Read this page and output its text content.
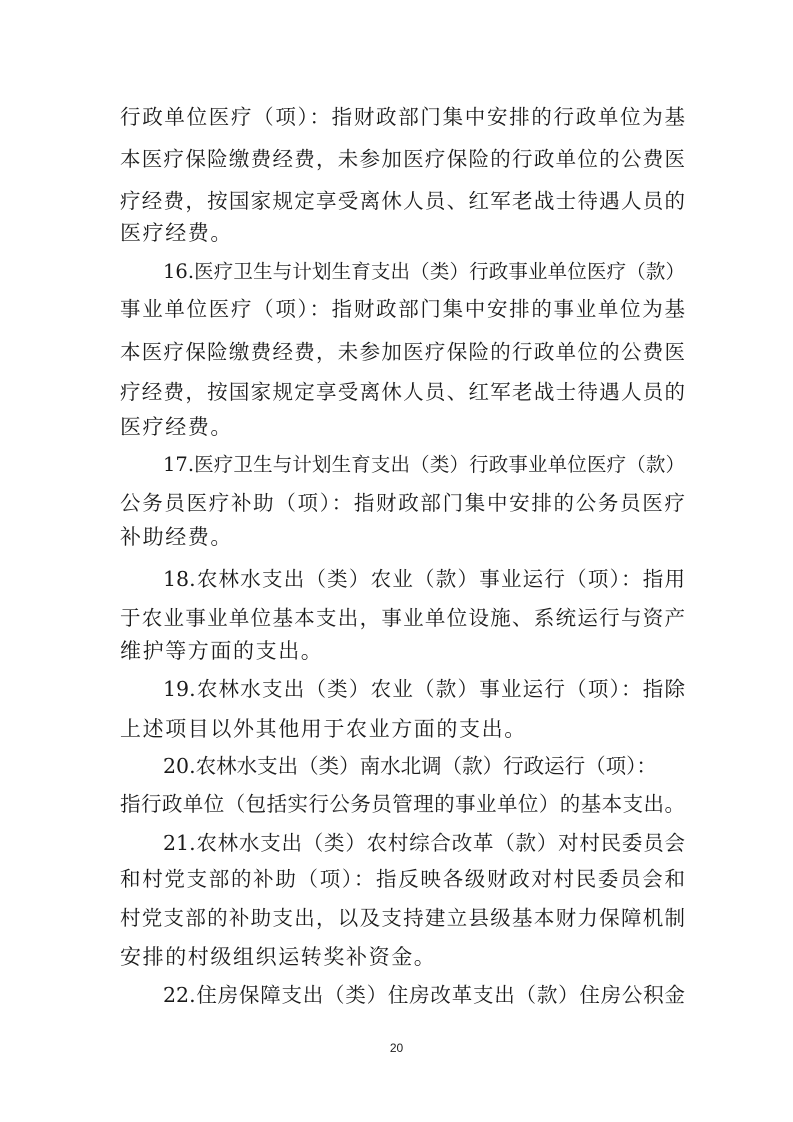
行政单位医疗（项）：指财政部门集中安排的行政单位为基
本医疗保险缴费经费，未参加医疗保险的行政单位的公费医
疗经费，按国家规定享受离休人员、红军老战士待遇人员的
医疗经费。
16.医疗卫生与计划生育支出（类）行政事业单位医疗（款）
事业单位医疗（项）：指财政部门集中安排的事业单位为基
本医疗保险缴费经费，未参加医疗保险的行政单位的公费医
疗经费，按国家规定享受离休人员、红军老战士待遇人员的
医疗经费。
17.医疗卫生与计划生育支出（类）行政事业单位医疗（款）
公务员医疗补助（项）：指财政部门集中安排的公务员医疗
补助经费。
18.农林水支出（类）农业（款）事业运行（项）：指用
于农业事业单位基本支出，事业单位设施、系统运行与资产
维护等方面的支出。
19.农林水支出（类）农业（款）事业运行（项）：指除
上述项目以外其他用于农业方面的支出。
20.农林水支出（类）南水北调（款）行政运行（项）：
指行政单位（包括实行公务员管理的事业单位）的基本支出。
21.农林水支出（类）农村综合改革（款）对村民委员会
和村党支部的补助（项）：指反映各级财政对村民委员会和
村党支部的补助支出，以及支持建立县级基本财力保障机制
安排的村级组织运转奖补资金。
22.住房保障支出（类）住房改革支出（款）住房公积金
20
